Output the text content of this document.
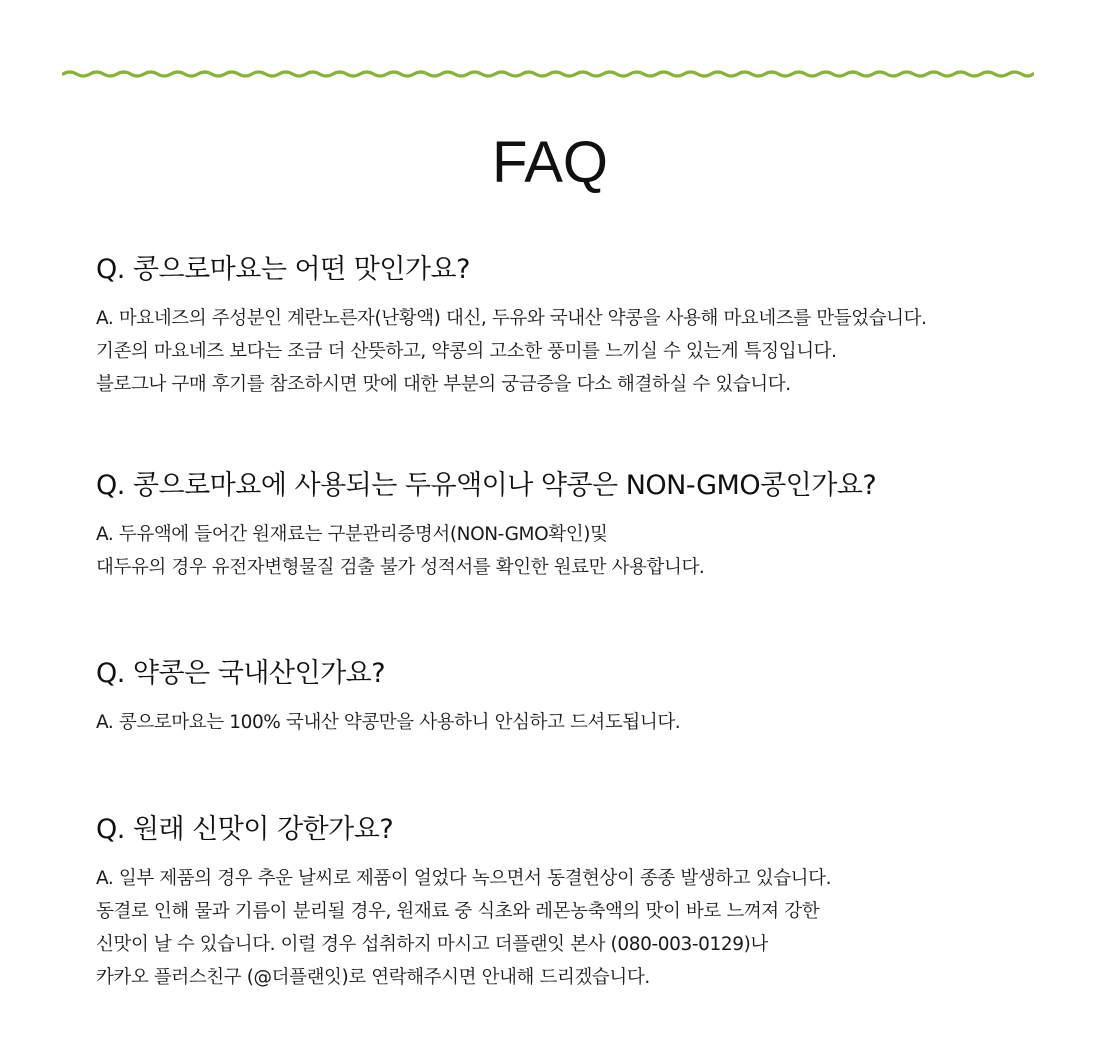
FAQ
Q. 콩으로마요는 어떤 맛인가요?

A. 마요네즈의 주성분인 계란노른자(난황액) 대신, 두유와 국내산 약콩을 사용해 마요네즈를 만들었습니다.
기존의 마요네즈 보다는 조금 더 산뜻하고, 약콩의 고소한 풍미를 느끼실 수 있는게 특징입니다.
블로그나 구매 후기를 참조하시면 맛에 대한 부분의 궁금증을 다소 해결하실 수 있습니다.

Q. 콩으로마요에 사용되는 두유액이나 약콩은 NON-GMO콩인가요?

A. 두유액에 들어간 원재료는 구분관리증명서(NON-GMO확인)및
대두유의 경우 유전자변형물질 검출 불가 성적서를 확인한 원료만 사용합니다.

Q. 약콩은 국내산인가요?

A. 콩으로마요는 100% 국내산 약콩만을 사용하니 안심하고 드셔도됩니다.

Q. 원래 신맛이 강한가요?

A. 일부 제품의 경우 추운 날씨로 제품이 얼었다 녹으면서 동결현상이 종종 발생하고 있습니다.
동결로 인해 물과 기름이 분리될 경우, 원재료 중 식초와 레몬농축액의 맛이 바로 느껴져 강한
신맛이 날 수 있습니다. 이럴 경우 섭취하지 마시고 더플랜잇 본사 (080-003-0129)나
카카오 플러스친구 (@더플랜잇)로 연락해주시면 안내해 드리겠습니다.
